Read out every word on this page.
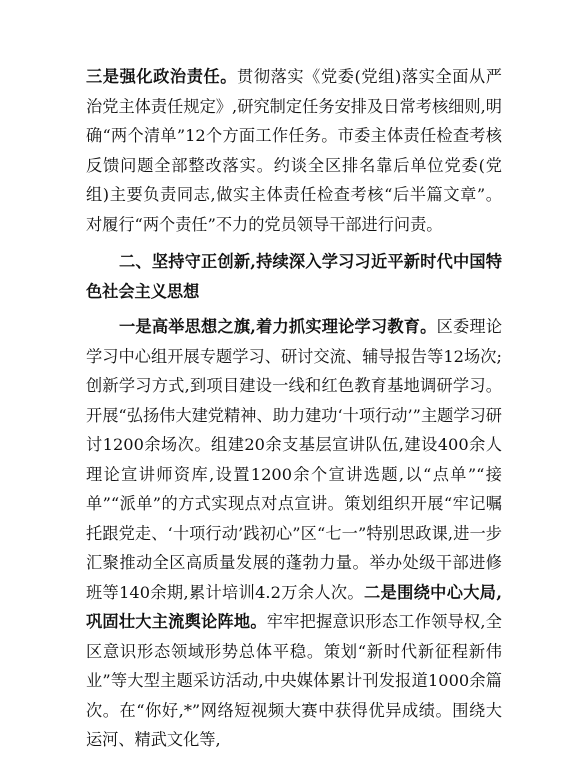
三是强化政治责任。贯彻落实《党委(党组)落实全面从严治党主体责任规定》,研究制定任务安排及日常考核细则,明确“两个清单”12个方面工作任务。市委主体责任检查考核反馈问题全部整改落实。约谈全区排名靠后单位党委(党组)主要负责同志,做实主体责任检查考核“后半篇文章”。对履行“两个责任”不力的党员领导干部进行问责。

二、坚持守正创新,持续深入学习习近平新时代中国特色社会主义思想

一是高举思想之旗,着力抓实理论学习教育。区委理论学习中心组开展专题学习、研讨交流、辅导报告等12场次;创新学习方式,到项目建设一线和红色教育基地调研学习。开展“弘扬伟大建党精神、助力建功‘十项行动’”主题学习研讨1200余场次。组建20余支基层宣讲队伍,建设400余人理论宣讲师资库,设置1200余个宣讲选题,以“点单”“接单”“派单”的方式实现点对点宣讲。策划组织开展“牢记嘱托跟党走、‘十项行动’践初心”区“七一”特别思政课,进一步汇聚推动全区高质量发展的蓬勃力量。举办处级干部进修班等140余期,累计培训4.2万余人次。二是围绕中心大局,巩固壮大主流舆论阵地。牢牢把握意识形态工作领导权,全区意识形态领域形势总体平稳。策划“新时代新征程新伟业”等大型主题采访活动,中央媒体累计刊发报道1000余篇次。在“你好,*”网络短视频大赛中获得优异成绩。围绕大运河、精武文化等,
